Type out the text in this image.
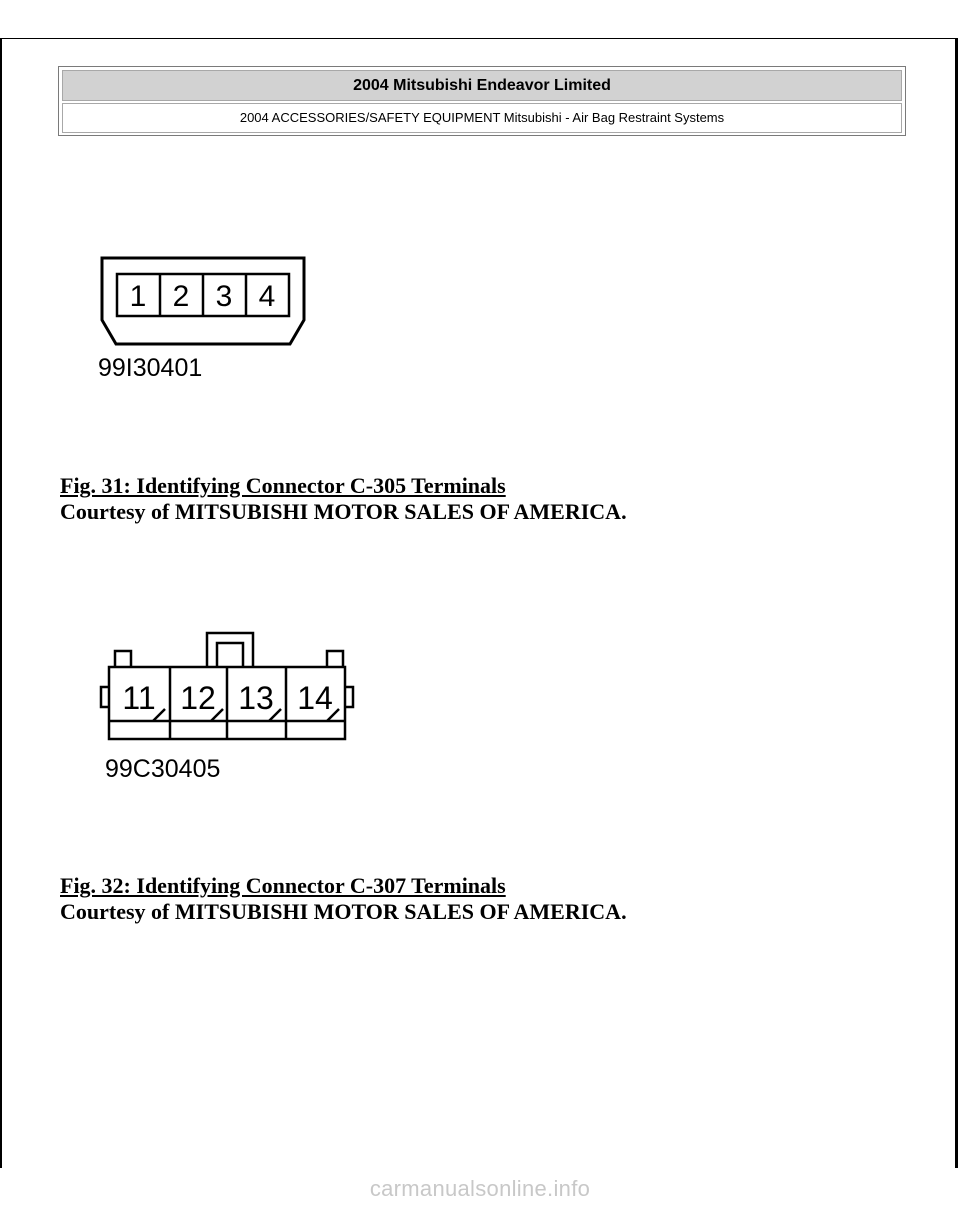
2004 Mitsubishi Endeavor Limited
2004 ACCESSORIES/SAFETY EQUIPMENT Mitsubishi - Air Bag Restraint Systems
1 2 3 4
99I30401
Fig. 31: Identifying Connector C-305 Terminals
Courtesy of MITSUBISHI MOTOR SALES OF AMERICA.
11 12 13 14
99C30405
Fig. 32: Identifying Connector C-307 Terminals
Courtesy of MITSUBISHI MOTOR SALES OF AMERICA.
carmanualsonline.info
